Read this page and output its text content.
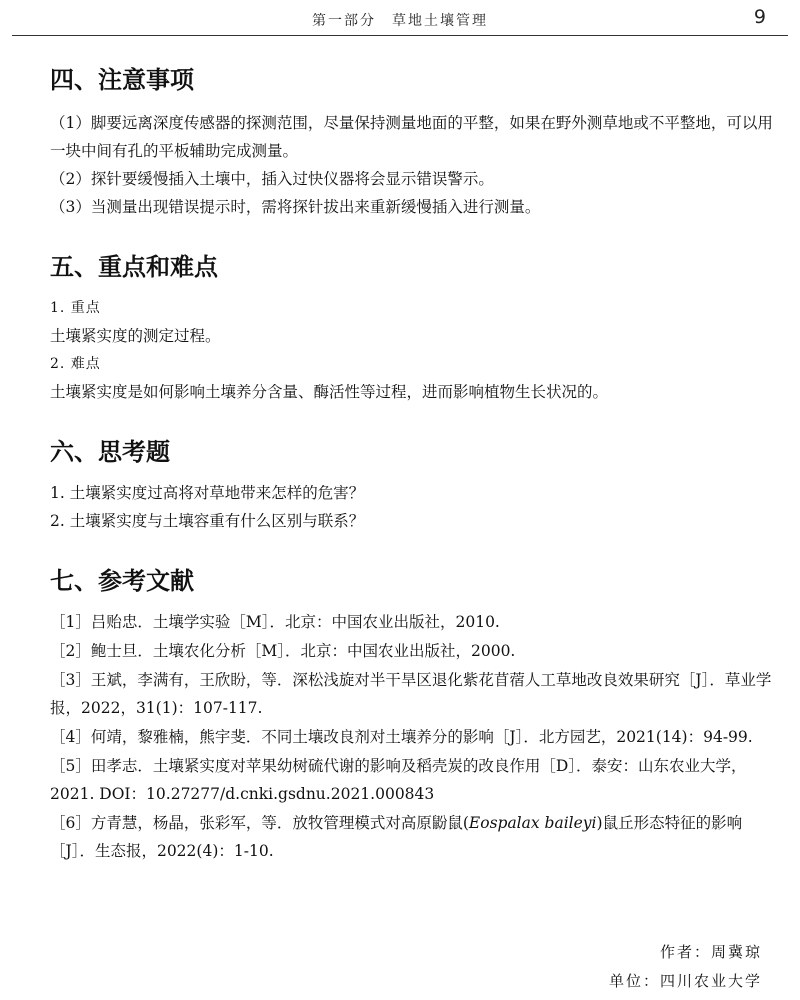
第一部分　草地土壤管理	9
四、注意事项

（1）脚要远离深度传感器的探测范围，尽量保持测量地面的平整，如果在野外测草地或不平整地，可以用一块中间有孔的平板辅助完成测量。

（2）探针要缓慢插入土壤中，插入过快仪器将会显示错误警示。

（3）当测量出现错误提示时，需将探针拔出来重新缓慢插入进行测量。

五、重点和难点

1. 重点

土壤紧实度的测定过程。

2. 难点

土壤紧实度是如何影响土壤养分含量、酶活性等过程，进而影响植物生长状况的。

六、思考题

1. 土壤紧实度过高将对草地带来怎样的危害？

2. 土壤紧实度与土壤容重有什么区别与联系？

七、参考文献

［1］吕贻忠．土壤学实验［M］．北京：中国农业出版社，2010.

［2］鲍士旦．土壤农化分析［M］．北京：中国农业出版社，2000.

［3］王斌，李满有，王欣盼，等．深松浅旋对半干旱区退化紫花苜蓿人工草地改良效果研究［J］．草业学报，2022，31(1)：107-117.

［4］何靖，黎雅楠，熊宇斐．不同土壤改良剂对土壤养分的影响［J］．北方园艺，2021(14)：94-99.

［5］田孝志．土壤紧实度对苹果幼树硫代谢的影响及稻壳炭的改良作用［D］．泰安：山东农业大学，2021. DOI：10.27277/d.cnki.gsdnu.2021.000843

［6］方青慧，杨晶，张彩军，等．放牧管理模式对高原鼢鼠(Eospalax baileyi)鼠丘形态特征的影响［J］．生态报，2022(4)：1-10.

作者：周冀琼
单位：四川农业大学
